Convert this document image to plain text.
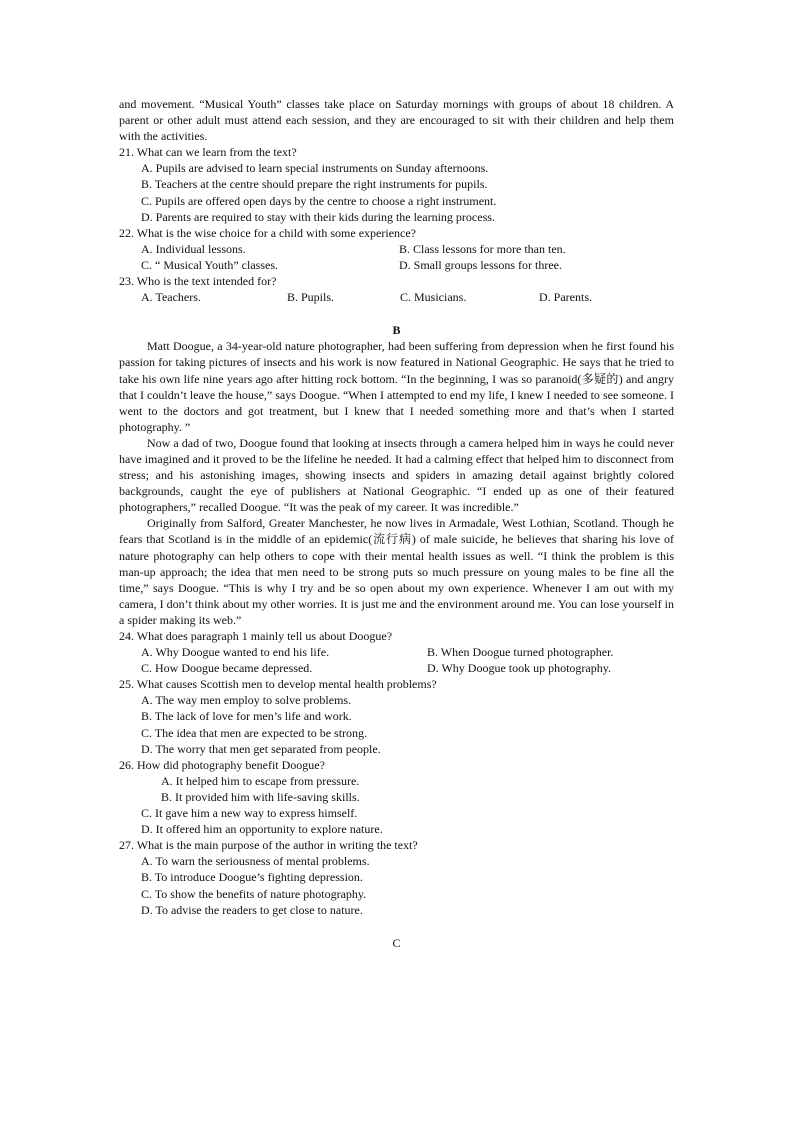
and movement. “Musical Youth” classes take place on Saturday mornings with groups of about 18 children. A parent or other adult must attend each session, and they are encouraged to sit with their children and help them with the activities.

21. What can we learn from the text?

A. Pupils are advised to learn special instruments on Sunday afternoons.

B. Teachers at the centre should prepare the right instruments for pupils.

C. Pupils are offered open days by the centre to choose a right instrument.

D. Parents are required to stay with their kids during the learning process.

22. What is the wise choice for a child with some experience?

A. Individual lessons.	B. Class lessons for more than ten.
C. “ Musical Youth” classes.	D. Small groups lessons for three.

23. Who is the text intended for?

A. Teachers.	B. Pupils.	C. Musicians.	D. Parents.

B

Matt Doogue, a 34-year-old nature photographer, had been suffering from depression when he first found his passion for taking pictures of insects and his work is now featured in National Geographic. He says that he tried to take his own life nine years ago after hitting rock bottom. “In the beginning, I was so paranoid(多疑的) and angry that I couldn’t leave the house,” says Doogue. “When I attempted to end my life, I knew I needed to see someone. I went to the doctors and got treatment, but I knew that I needed something more and that’s when I started photography. ”

Now a dad of two, Doogue found that looking at insects through a camera helped him in ways he could never have imagined and it proved to be the lifeline he needed. It had a calming effect that helped him to disconnect from stress; and his astonishing images, showing insects and spiders in amazing detail against brightly colored backgrounds, caught the eye of publishers at National Geographic. “I ended up as one of their featured photographers,” recalled Doogue. “It was the peak of my career. It was incredible.”

Originally from Salford, Greater Manchester, he now lives in Armadale, West Lothian, Scotland. Though he fears that Scotland is in the middle of an epidemic(流行病) of male suicide, he believes that sharing his love of nature photography can help others to cope with their mental health issues as well. “I think the problem is this man-up approach; the idea that men need to be strong puts so much pressure on young males to be fine all the time,” says Doogue. “This is why I try and be so open about my own experience. Whenever I am out with my camera, I don’t think about my other worries. It is just me and the environment around me. You can lose yourself in a spider making its web.”

24. What does paragraph 1 mainly tell us about Doogue?

A. Why Doogue wanted to end his life.	B. When Doogue turned photographer.
C. How Doogue became depressed.	D. Why Doogue took up photography.

25. What causes Scottish men to develop mental health problems?

A. The way men employ to solve problems.

B. The lack of love for men’s life and work.

C. The idea that men are expected to be strong.

D. The worry that men get separated from people.

26. How did photography benefit Doogue?

A. It helped him to escape from pressure.

B. It provided him with life-saving skills.

C. It gave him a new way to express himself.

D. It offered him an opportunity to explore nature.

27. What is the main purpose of the author in writing the text?

A. To warn the seriousness of mental problems.

B. To introduce Doogue’s fighting depression.

C. To show the benefits of nature photography.

D. To advise the readers to get close to nature.

C
